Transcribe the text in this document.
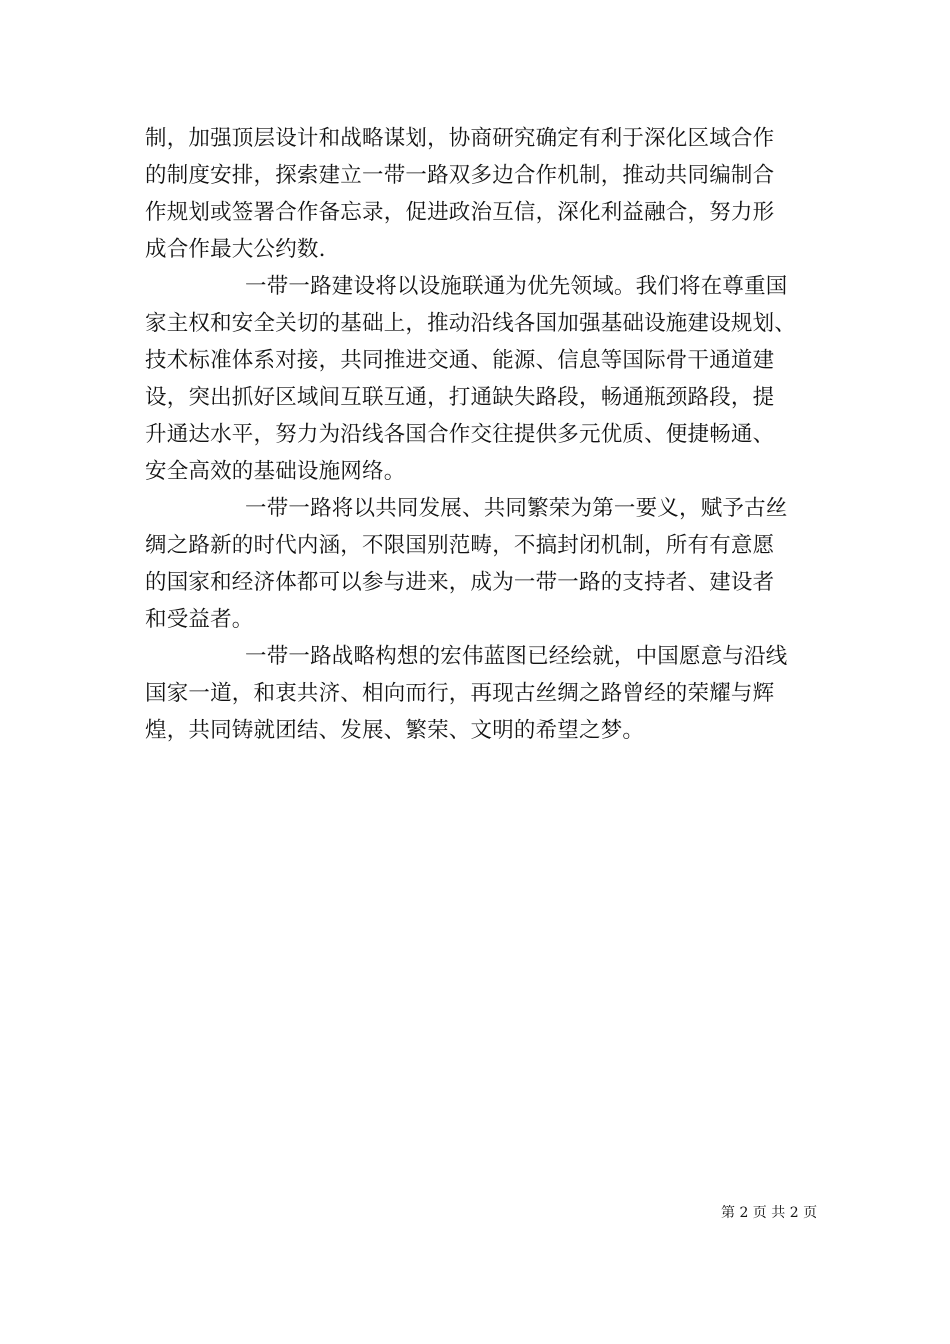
制，加强顶层设计和战略谋划，协商研究确定有利于深化区域合作
的制度安排，探索建立一带一路双多边合作机制，推动共同编制合
作规划或签署合作备忘录，促进政治互信，深化利益融合，努力形
成合作最大公约数.
一带一路建设将以设施联通为优先领域。我们将在尊重国
家主权和安全关切的基础上，推动沿线各国加强基础设施建设规划、
技术标准体系对接，共同推进交通、能源、信息等国际骨干通道建
设，突出抓好区域间互联互通，打通缺失路段，畅通瓶颈路段，提
升通达水平，努力为沿线各国合作交往提供多元优质、便捷畅通、
安全高效的基础设施网络。
一带一路将以共同发展、共同繁荣为第一要义，赋予古丝
绸之路新的时代内涵，不限国别范畴，不搞封闭机制，所有有意愿
的国家和经济体都可以参与进来，成为一带一路的支持者、建设者
和受益者。
一带一路战略构想的宏伟蓝图已经绘就，中国愿意与沿线
国家一道，和衷共济、相向而行，再现古丝绸之路曾经的荣耀与辉
煌，共同铸就团结、发展、繁荣、文明的希望之梦。
第 2 页 共 2 页
